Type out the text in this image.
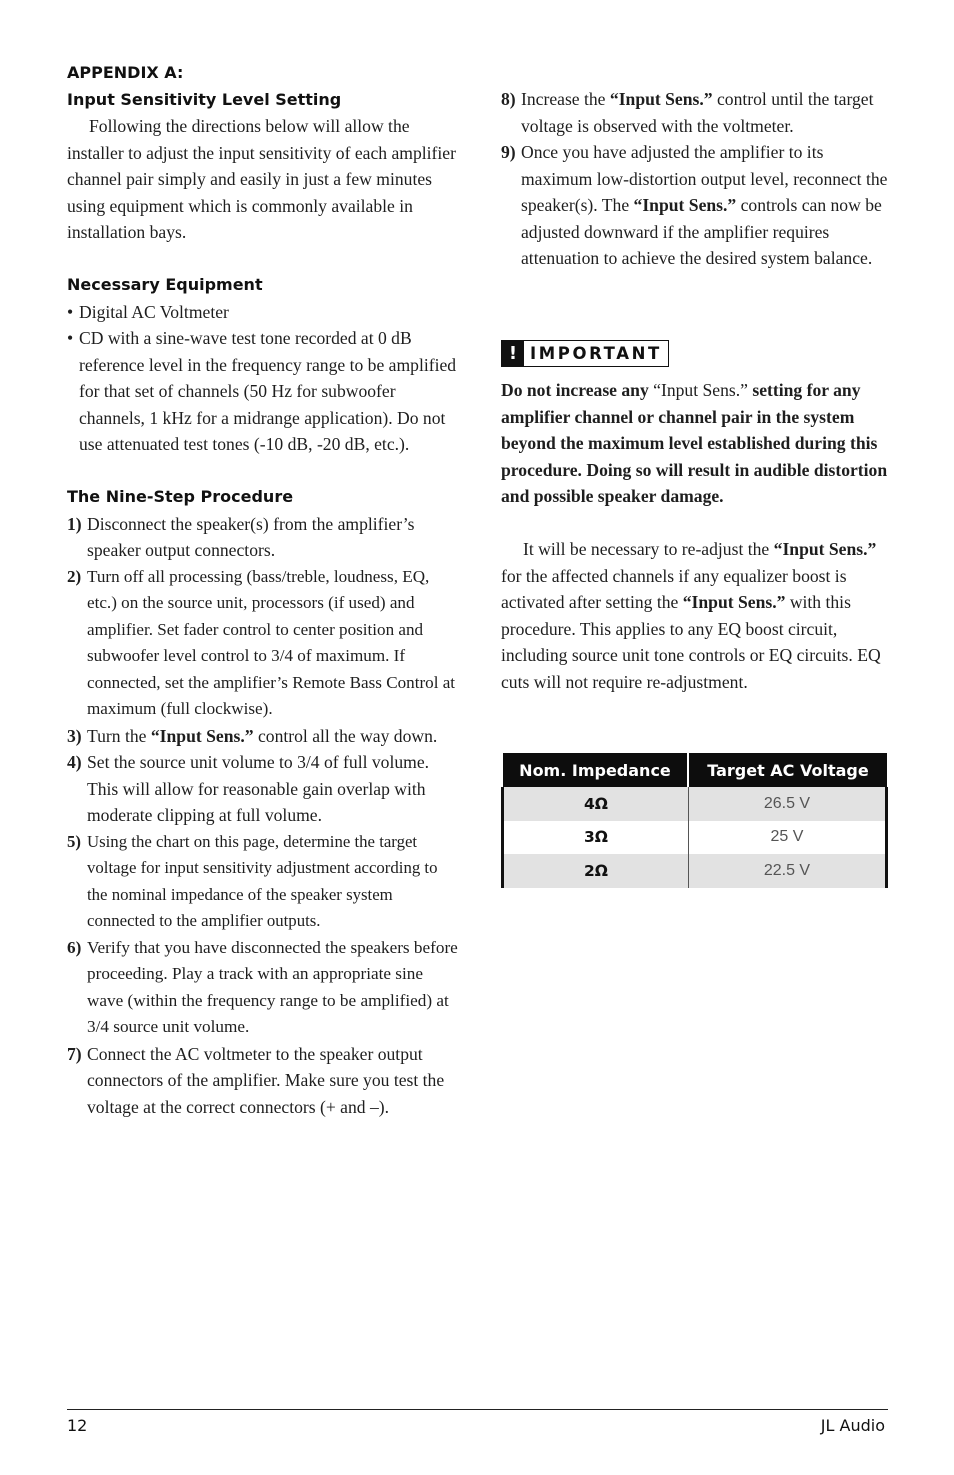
APPENDIX A:
Input Sensitivity Level Setting
Following the directions below will allow the installer to adjust the input sensitivity of each amplifier channel pair simply and easily in just a few minutes using equipment which is commonly available in installation bays.
Necessary Equipment
• Digital AC Voltmeter
• CD with a sine-wave test tone recorded at 0 dB reference level in the frequency range to be amplified for that set of channels (50 Hz for subwoofer channels, 1 kHz for a midrange application). Do not use attenuated test tones (-10 dB, -20 dB, etc.).
The Nine-Step Procedure
1) Disconnect the speaker(s) from the amplifier’s speaker output connectors.
2) Turn off all processing (bass/treble, loudness, EQ, etc.) on the source unit, processors (if used) and amplifier. Set fader control to center position and subwoofer level control to 3/4 of maximum. If connected, set the amplifier’s Remote Bass Control at maximum (full clockwise).
3) Turn the “Input Sens.” control all the way down.
4) Set the source unit volume to 3/4 of full volume. This will allow for reasonable gain overlap with moderate clipping at full volume.
5) Using the chart on this page, determine the target voltage for input sensitivity adjustment according to the nominal impedance of the speaker system connected to the amplifier outputs.
6) Verify that you have disconnected the speakers before proceeding. Play a track with an appropriate sine wave (within the frequency range to be amplified) at 3/4 source unit volume.
7) Connect the AC voltmeter to the speaker output connectors of the amplifier. Make sure you test the voltage at the correct connectors (+ and –).
8) Increase the “Input Sens.” control until the target voltage is observed with the voltmeter.
9) Once you have adjusted the amplifier to its maximum low-distortion output level, reconnect the speaker(s). The “Input Sens.” controls can now be adjusted downward if the amplifier requires attenuation to achieve the desired system balance.
! IMPORTANT
Do not increase any “Input Sens.” setting for any amplifier channel or channel pair in the system beyond the maximum level established during this procedure. Doing so will result in audible distortion and possible speaker damage.
It will be necessary to re-adjust the “Input Sens.” for the affected channels if any equalizer boost is activated after setting the “Input Sens.” with this procedure. This applies to any EQ boost circuit, including source unit tone controls or EQ circuits. EQ cuts will not require re-adjustment.
Nom. Impedance	Target AC Voltage
4Ω	26.5 V
3Ω	25 V
2Ω	22.5 V
12	JL Audio
